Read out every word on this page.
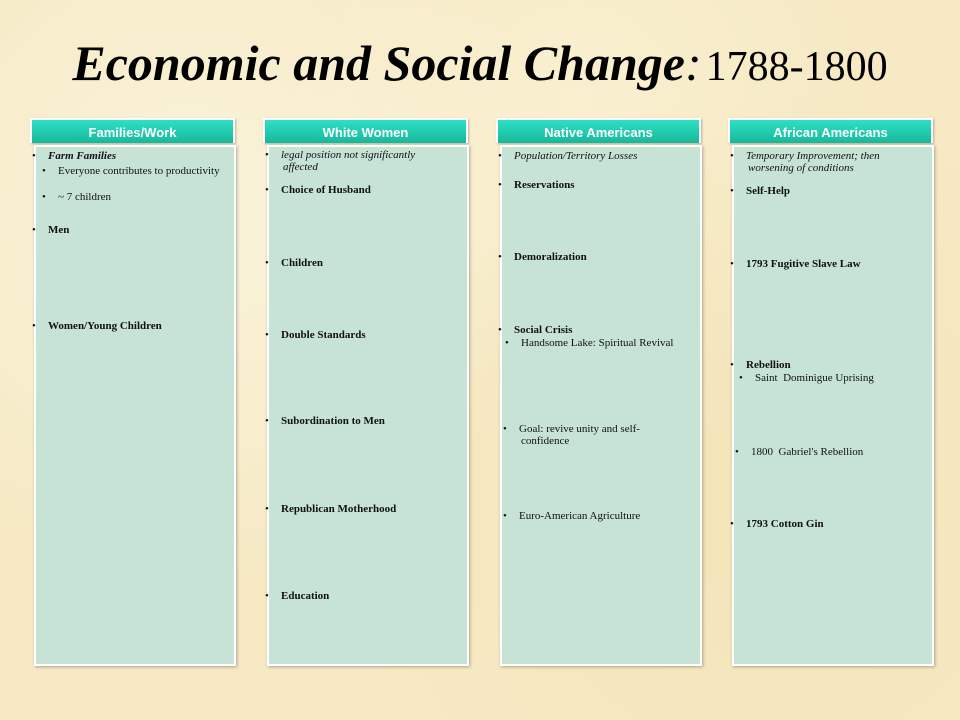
Economic and Social Change: 1788-1800
Families/Work
• Farm Families
• Everyone contributes to productivity
• ~ 7 children
• Men
• Women/Young Children
White Women
• legal position not significantly affected
• Choice of Husband
• Children
• Double Standards
• Subordination to Men
• Republican Motherhood
• Education
Native Americans
• Population/Territory Losses
• Reservations
• Demoralization
• Social Crisis
• Handsome Lake: Spiritual Revival
• Goal: revive unity and self-confidence
• Euro-American Agriculture
African Americans
• Temporary Improvement; then worsening of conditions
• Self-Help
• 1793 Fugitive Slave Law
• Rebellion
• Saint  Dominigue Uprising
• 1800  Gabriel's Rebellion
• 1793 Cotton Gin
